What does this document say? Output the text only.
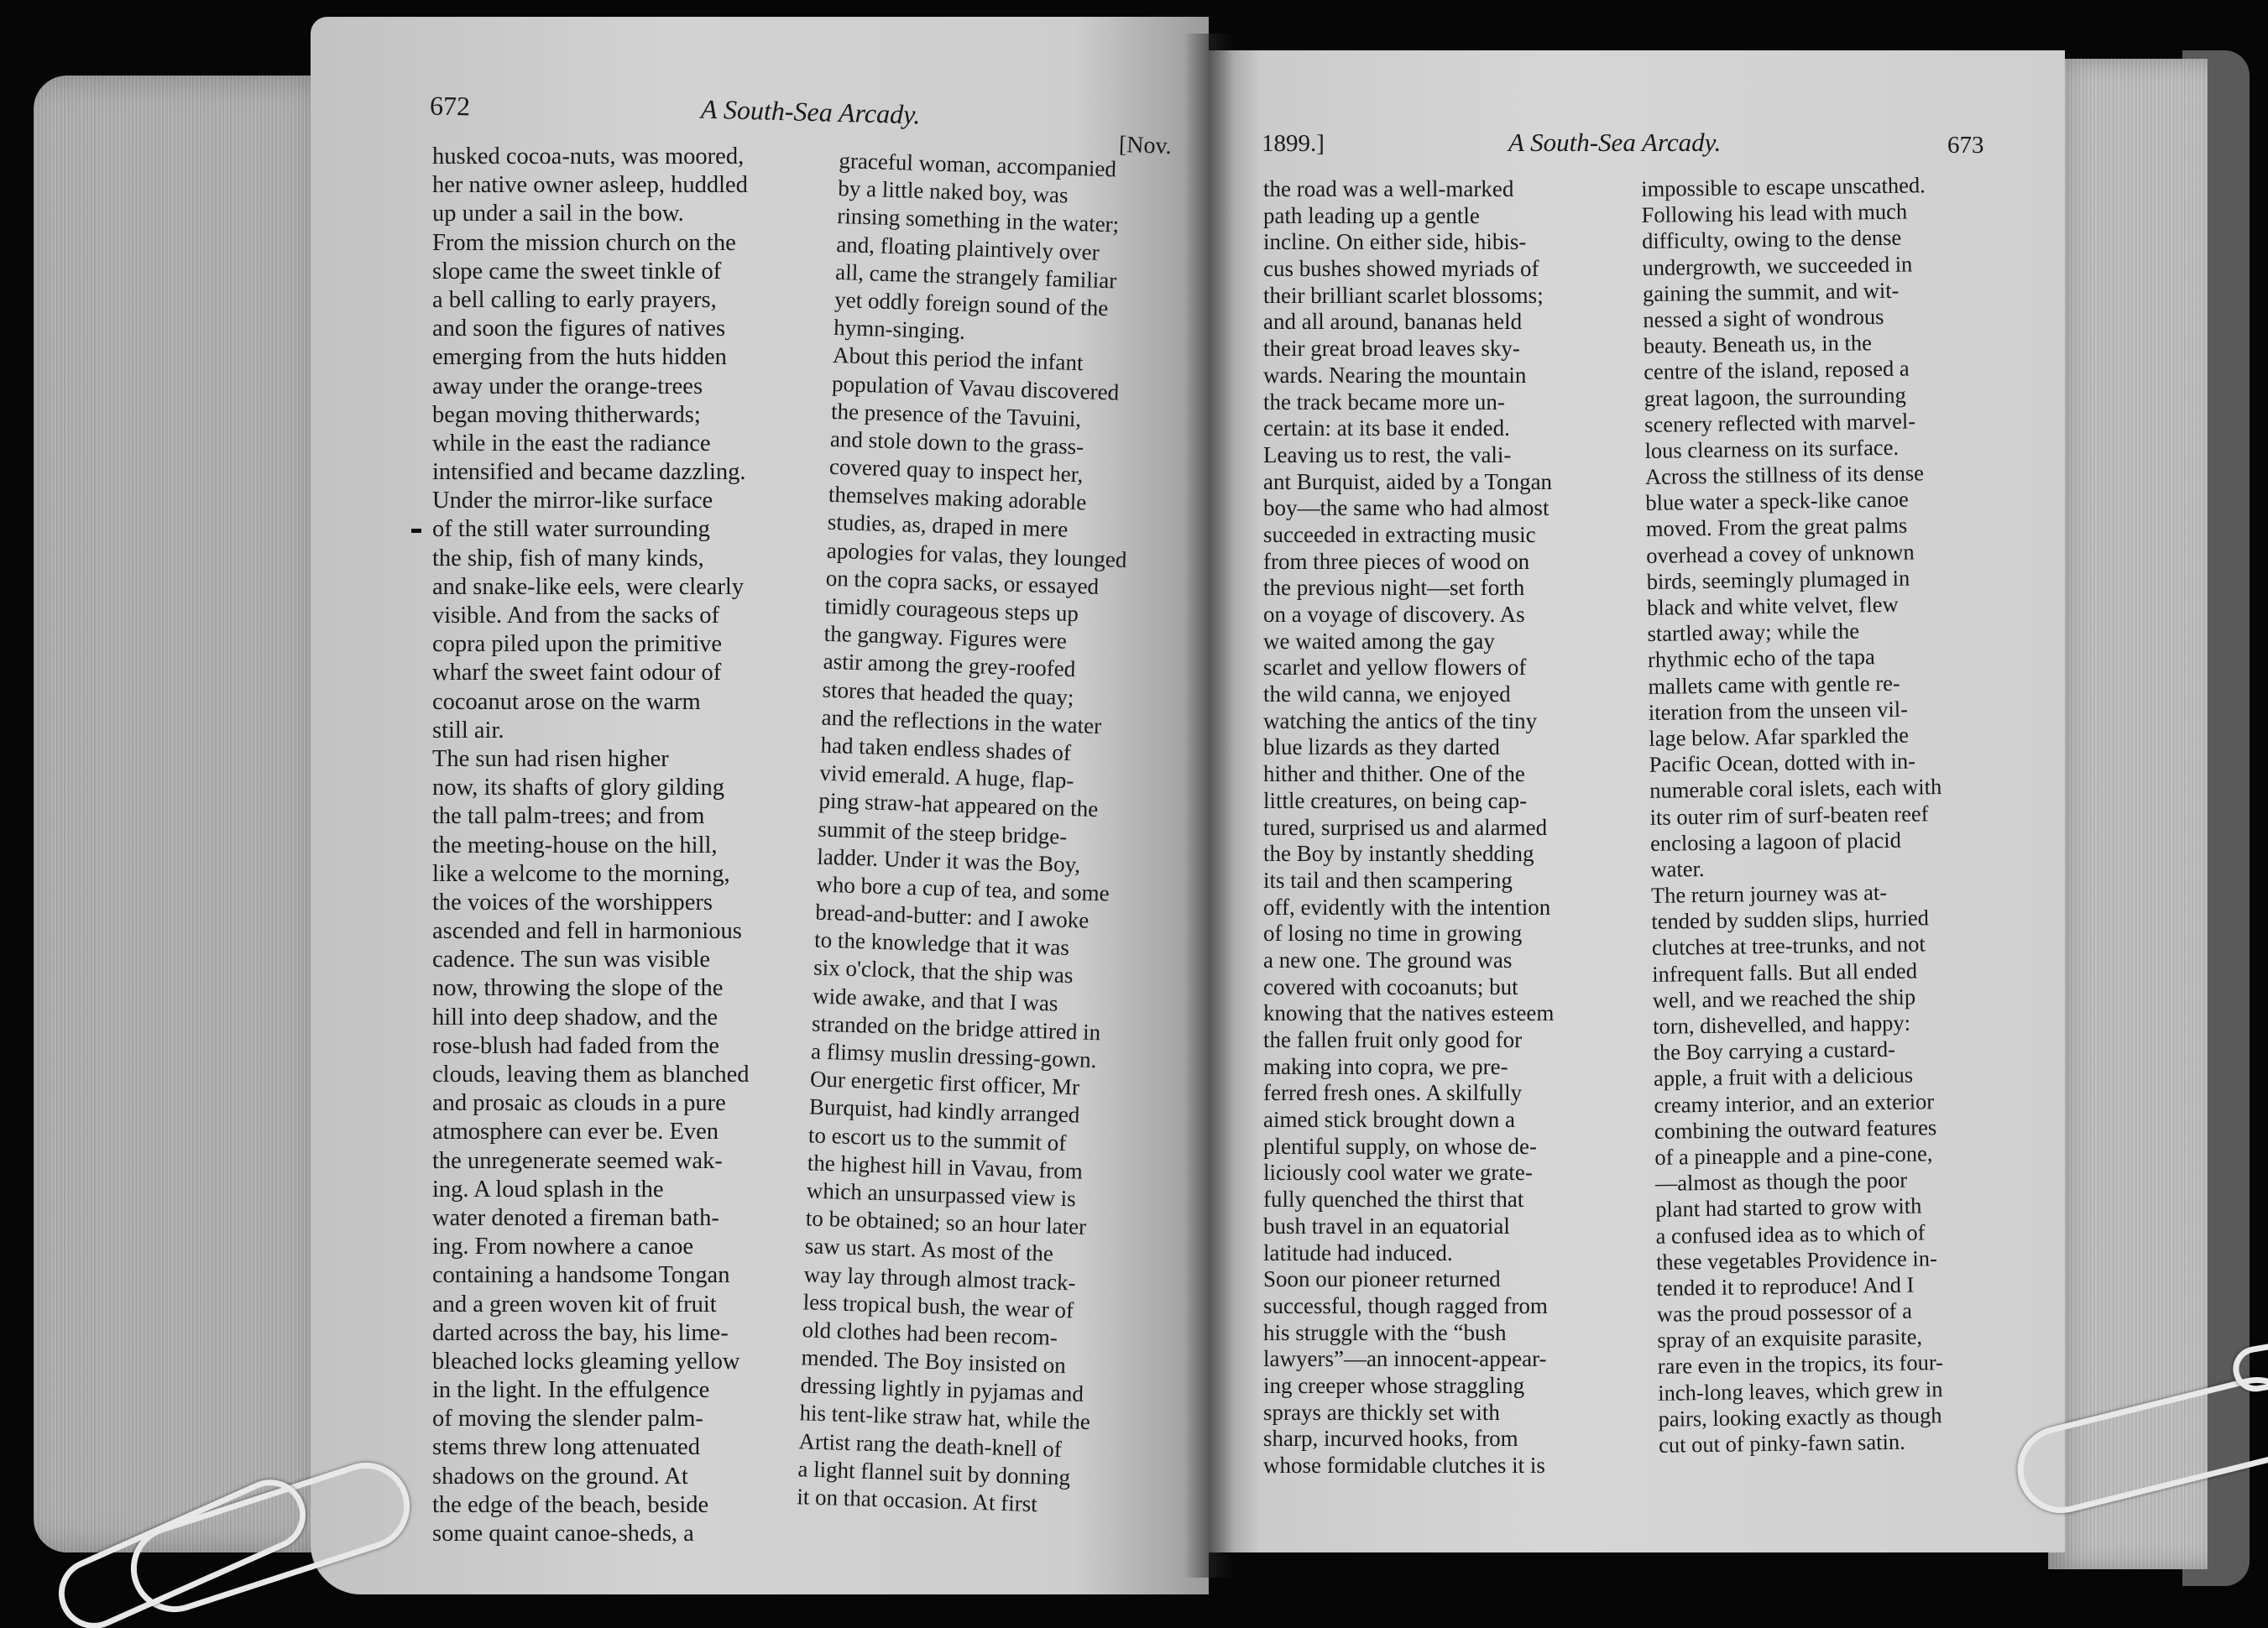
672	A South-Sea Arcady.
[Nov.	1899.]	A South-Sea Arcady.	673
husked cocoa-nuts, was moored,
her native owner asleep, huddled
up under a sail in the bow.
From the mission church on the
slope came the sweet tinkle of
a bell calling to early prayers,
and soon the figures of natives
emerging from the huts hidden
away under the orange-trees
began moving thitherwards;
while in the east the radiance
intensified and became dazzling.
Under the mirror-like surface
of the still water surrounding
the ship, fish of many kinds,
and snake-like eels, were clearly
visible. And from the sacks of
copra piled upon the primitive
wharf the sweet faint odour of
cocoanut arose on the warm
still air.
The sun had risen higher
now, its shafts of glory gilding
the tall palm-trees; and from
the meeting-house on the hill,
like a welcome to the morning,
the voices of the worshippers
ascended and fell in harmonious
cadence. The sun was visible
now, throwing the slope of the
hill into deep shadow, and the
rose-blush had faded from the
clouds, leaving them as blanched
and prosaic as clouds in a pure
atmosphere can ever be. Even
the unregenerate seemed wak-
ing. A loud splash in the
water denoted a fireman bath-
ing. From nowhere a canoe
containing a handsome Tongan
and a green woven kit of fruit
darted across the bay, his lime-
bleached locks gleaming yellow
in the light. In the effulgence
of moving the slender palm-
stems threw long attenuated
shadows on the ground. At
the edge of the beach, beside
some quaint canoe-sheds, a
graceful woman, accompanied
by a little naked boy, was
rinsing something in the water;
and, floating plaintively over
all, came the strangely familiar
yet oddly foreign sound of the
hymn-singing.
About this period the infant
population of Vavau discovered
the presence of the Tavuini,
and stole down to the grass-
covered quay to inspect her,
themselves making adorable
studies, as, draped in mere
apologies for valas, they lounged
on the copra sacks, or essayed
timidly courageous steps up
the gangway. Figures were
astir among the grey-roofed
stores that headed the quay;
and the reflections in the water
had taken endless shades of
vivid emerald. A huge, flap-
ping straw-hat appeared on the
summit of the steep bridge-
ladder. Under it was the Boy,
who bore a cup of tea, and some
bread-and-butter: and I awoke
to the knowledge that it was
six o'clock, that the ship was
wide awake, and that I was
stranded on the bridge attired in
a flimsy muslin dressing-gown.
Our energetic first officer, Mr
Burquist, had kindly arranged
to escort us to the summit of
the highest hill in Vavau, from
which an unsurpassed view is
to be obtained; so an hour later
saw us start. As most of the
way lay through almost track-
less tropical bush, the wear of
old clothes had been recom-
mended. The Boy insisted on
dressing lightly in pyjamas and
his tent-like straw hat, while the
Artist rang the death-knell of
a light flannel suit by donning
it on that occasion. At first
the road was a well-marked
path leading up a gentle
incline. On either side, hibis-
cus bushes showed myriads of
their brilliant scarlet blossoms;
and all around, bananas held
their great broad leaves sky-
wards. Nearing the mountain
the track became more un-
certain: at its base it ended.
Leaving us to rest, the vali-
ant Burquist, aided by a Tongan
boy—the same who had almost
succeeded in extracting music
from three pieces of wood on
the previous night—set forth
on a voyage of discovery. As
we waited among the gay
scarlet and yellow flowers of
the wild canna, we enjoyed
watching the antics of the tiny
blue lizards as they darted
hither and thither. One of the
little creatures, on being cap-
tured, surprised us and alarmed
the Boy by instantly shedding
its tail and then scampering
off, evidently with the intention
of losing no time in growing
a new one. The ground was
covered with cocoanuts; but
knowing that the natives esteem
the fallen fruit only good for
making into copra, we pre-
ferred fresh ones. A skilfully
aimed stick brought down a
plentiful supply, on whose de-
liciously cool water we grate-
fully quenched the thirst that
bush travel in an equatorial
latitude had induced.
Soon our pioneer returned
successful, though ragged from
his struggle with the “bush
lawyers”—an innocent-appear-
ing creeper whose straggling
sprays are thickly set with
sharp, incurved hooks, from
whose formidable clutches it is
impossible to escape unscathed.
Following his lead with much
difficulty, owing to the dense
undergrowth, we succeeded in
gaining the summit, and wit-
nessed a sight of wondrous
beauty. Beneath us, in the
centre of the island, reposed a
great lagoon, the surrounding
scenery reflected with marvel-
lous clearness on its surface.
Across the stillness of its dense
blue water a speck-like canoe
moved. From the great palms
overhead a covey of unknown
birds, seemingly plumaged in
black and white velvet, flew
startled away; while the
rhythmic echo of the tapa
mallets came with gentle re-
iteration from the unseen vil-
lage below. Afar sparkled the
Pacific Ocean, dotted with in-
numerable coral islets, each with
its outer rim of surf-beaten reef
enclosing a lagoon of placid
water.
The return journey was at-
tended by sudden slips, hurried
clutches at tree-trunks, and not
infrequent falls. But all ended
well, and we reached the ship
torn, dishevelled, and happy:
the Boy carrying a custard-
apple, a fruit with a delicious
creamy interior, and an exterior
combining the outward features
of a pineapple and a pine-cone,
—almost as though the poor
plant had started to grow with
a confused idea as to which of
these vegetables Providence in-
tended it to reproduce! And I
was the proud possessor of a
spray of an exquisite parasite,
rare even in the tropics, its four-
inch-long leaves, which grew in
pairs, looking exactly as though
cut out of pinky-fawn satin.
